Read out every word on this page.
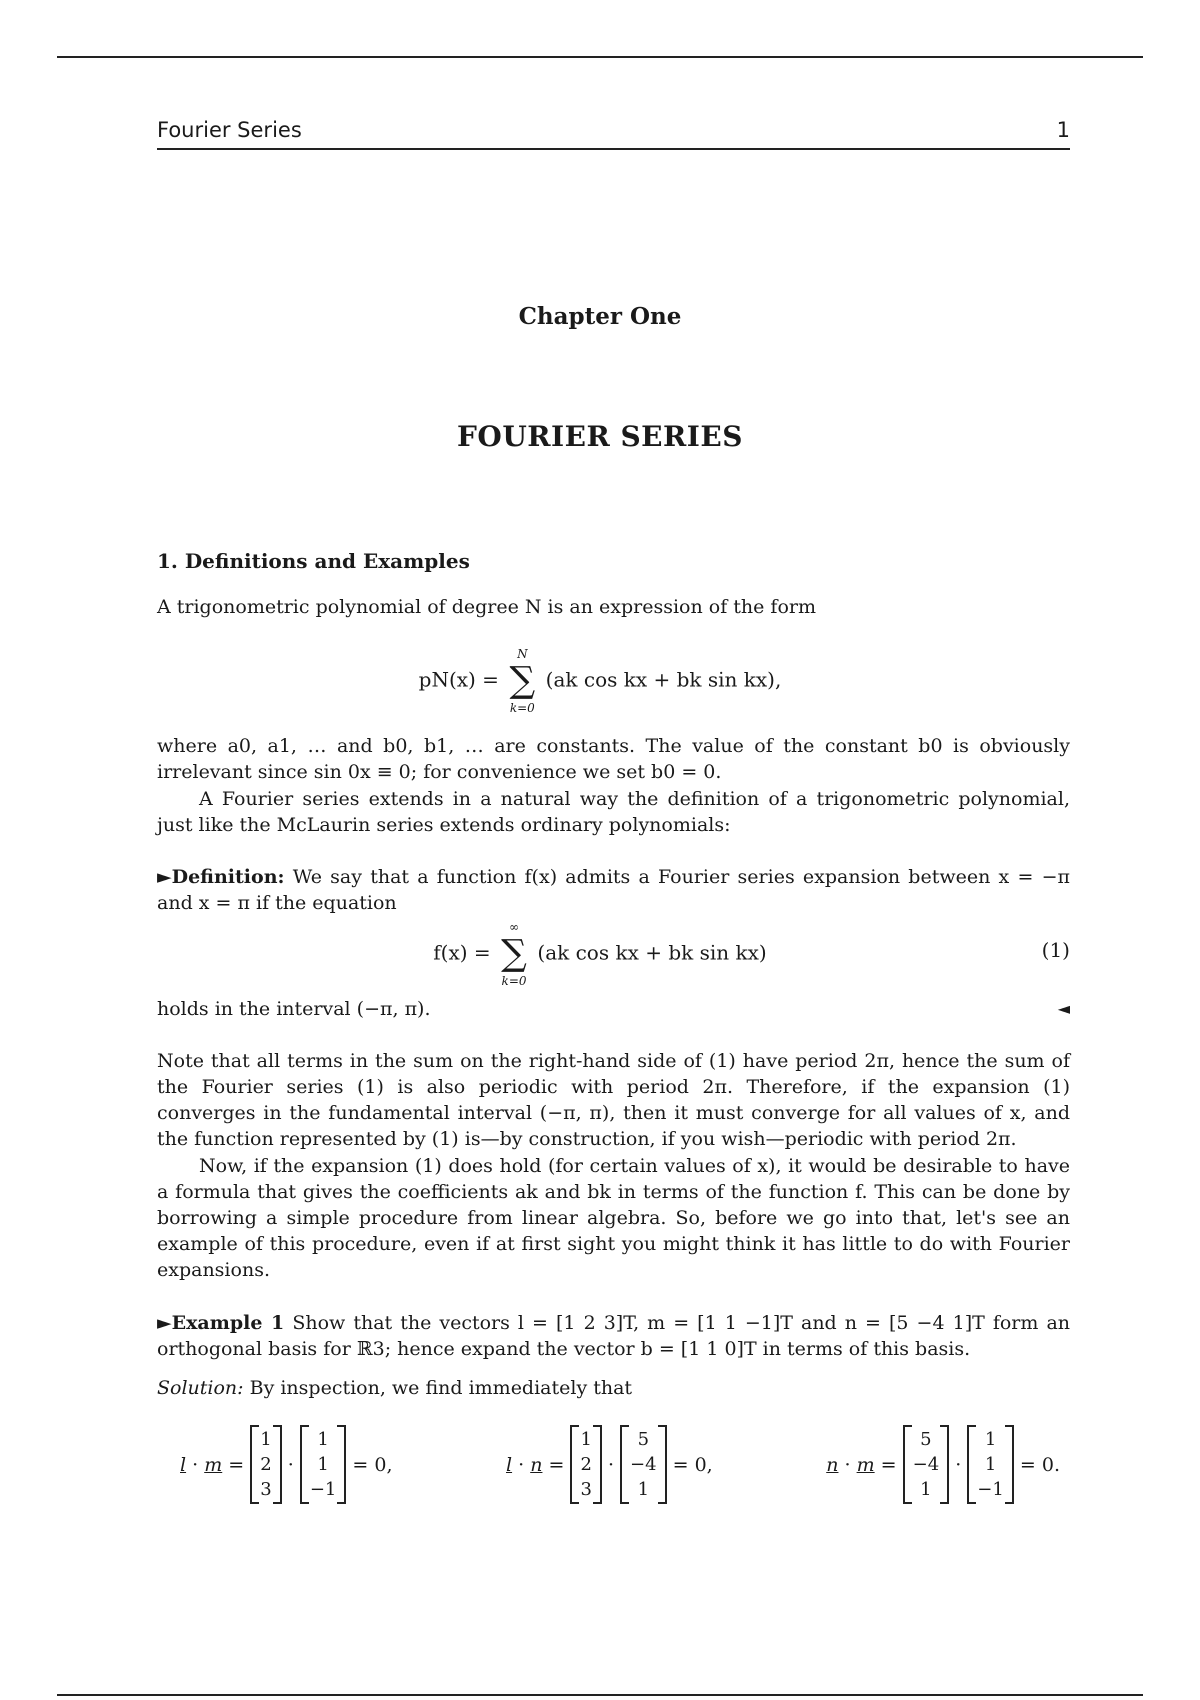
Fourier Series	1
Chapter One
FOURIER SERIES
1. Definitions and Examples
A trigonometric polynomial of degree N is an expression of the form
pN(x) =
N
∑
k=0
(ak cos kx + bk sin kx),
where a0, a1, … and b0, b1, … are constants. The value of the constant b0 is obviously irrelevant since sin 0x ≡ 0; for convenience we set b0 = 0.
A Fourier series extends in a natural way the definition of a trigonometric polynomial, just like the McLaurin series extends ordinary polynomials:
►Definition: We say that a function f(x) admits a Fourier series expansion between x = −π and x = π if the equation
f(x) =
∞
∑
k=0
(ak cos kx + bk sin kx)	(1)
holds in the interval (−π, π).	◄
Note that all terms in the sum on the right-hand side of (1) have period 2π, hence the sum of the Fourier series (1) is also periodic with period 2π. Therefore, if the expansion (1) converges in the fundamental interval (−π, π), then it must converge for all values of x, and the function represented by (1) is—by construction, if you wish—periodic with period 2π.
Now, if the expansion (1) does hold (for certain values of x), it would be desirable to have a formula that gives the coefficients ak and bk in terms of the function f. This can be done by borrowing a simple procedure from linear algebra. So, before we go into that, let's see an example of this procedure, even if at first sight you might think it has little to do with Fourier expansions.
►Example 1 Show that the vectors l = [1 2 3]T, m = [1 1 −1]T and n = [5 −4 1]T form an orthogonal basis for ℝ3; hence expand the vector b = [1 1 0]T in terms of this basis.
Solution: By inspection, we find immediately that
l · m =
1
2
3
·
1
1
−1

= 0,	l · n =
1
2
3
·
5
−4
1

= 0,	n · m =
5
−4
1
·
1
1
−1

= 0.
